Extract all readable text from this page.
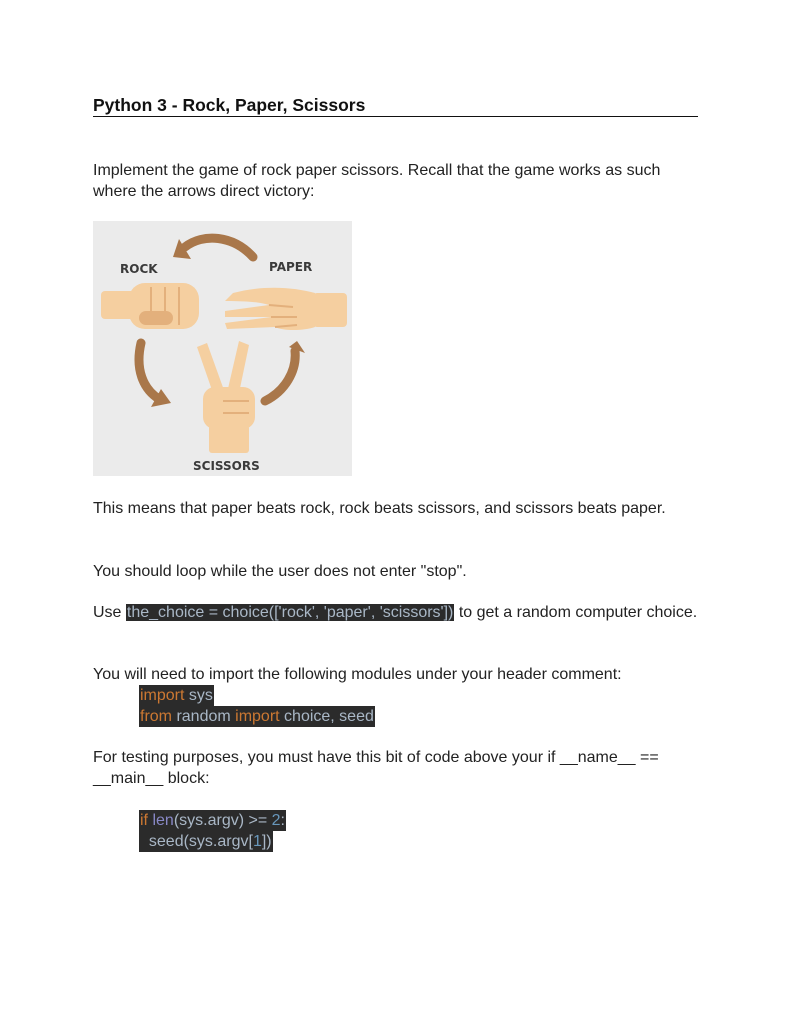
Python 3 - Rock, Paper, Scissors
Implement the game of rock paper scissors. Recall that the game works as such where the arrows direct victory:
ROCK	PAPER
SCISSORS
This means that paper beats rock, rock beats scissors, and scissors beats paper.
You should loop while the user does not enter "stop".
Use the_choice = choice(['rock', 'paper', 'scissors']) to get a random computer choice.
You will need to import the following modules under your header comment:
import sys
from random import choice, seed
For testing purposes, you must have this bit of code above your if __name__ == __main__ block:
if len(sys.argv) >= 2:
seed(sys.argv[1])
